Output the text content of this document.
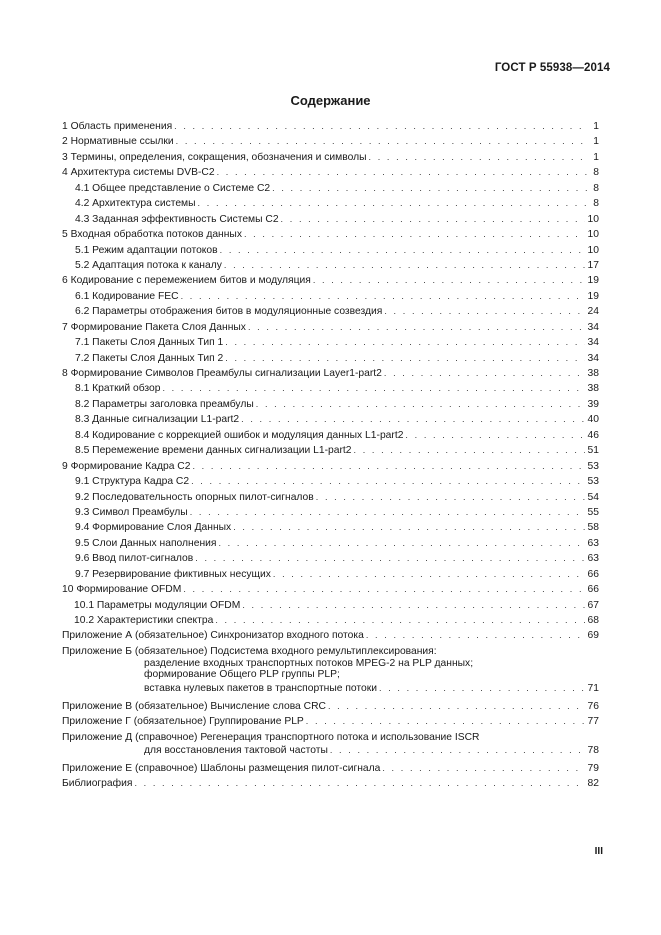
ГОСТ Р 55938—2014
Содержание
1 Область применения . . .	1
2 Нормативные ссылки . . .	1
3 Термины, определения, сокращения, обозначения и символы . . .	1
4 Архитектура системы DVB-C2 . . .	8
4.1 Общее представление о Системе C2 . . .	8
4.2 Архитектура системы . . .	8
4.3 Заданная эффективность Системы C2 . . .	10
5 Входная обработка потоков данных . . .	10
5.1 Режим адаптации потоков . . .	10
5.2 Адаптация потока к каналу . . .	17
6 Кодирование с перемежением битов и модуляция . . .	19
6.1 Кодирование FEC . . .	19
6.2 Параметры отображения битов в модуляционные созвездия . . .	24
7 Формирование Пакета Слоя Данных . . .	34
7.1 Пакеты Слоя Данных Тип 1 . . .	34
7.2 Пакеты Слоя Данных Тип 2 . . .	34
8 Формирование Символов Преамбулы сигнализации Layer1-part2 . . .	38
8.1 Краткий обзор . . .	38
8.2 Параметры заголовка преамбулы . . .	39
8.3 Данные сигнализации L1-part2 . . .	40
8.4 Кодирование с коррекцией ошибок и модуляция данных L1-part2 . . .	46
8.5 Перемежение времени данных сигнализации L1-part2 . . .	51
9 Формирование Кадра C2 . . .	53
9.1 Структура Кадра C2 . . .	53
9.2 Последовательность опорных пилот-сигналов . . .	54
9.3 Символ Преамбулы . . .	55
9.4 Формирование Слоя Данных . . .	58
9.5 Слои Данных наполнения . . .	63
9.6 Ввод пилот-сигналов . . .	63
9.7 Резервирование фиктивных несущих . . .	66
10 Формирование OFDM . . .	66
10.1 Параметры модуляции OFDM . . .	67
10.2 Характеристики спектра . . .	68
Приложение А (обязательное) Синхронизатор входного потока . . .	69
Приложение Б (обязательное) Подсистема входного ремультиплексирования:
разделение входных транспортных потоков MPEG-2 на PLP данных;
формирование Общего PLP группы PLP;
вставка нулевых пакетов в транспортные потоки . . .	71
Приложение В (обязательное) Вычисление слова CRC . . .	76
Приложение Г (обязательное) Группирование PLP . . .	77
Приложение Д (справочное) Регенерация транспортного потока и использование ISCR
для восстановления тактовой частоты . . .	78
Приложение Е (справочное) Шаблоны размещения пилот-сигнала . . .	79
Библиография . . .	82
III
